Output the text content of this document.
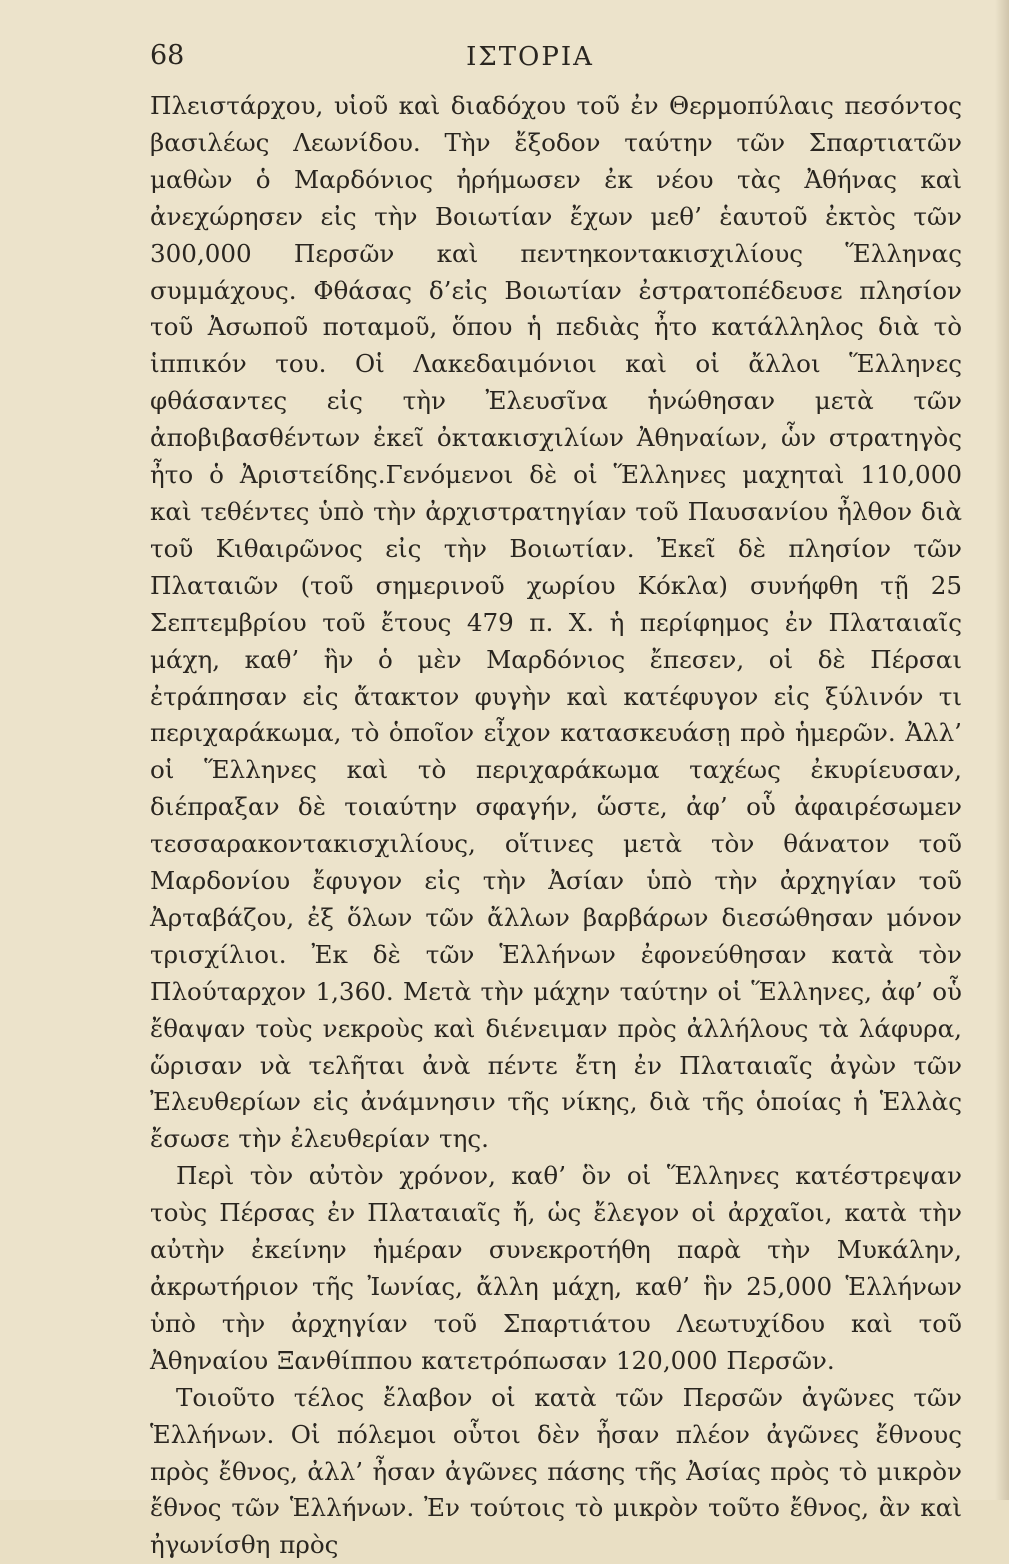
68	ΙΣΤΟΡΙΑ

Πλειστάρχου, υἱοῦ καὶ διαδόχου τοῦ ἐν Θερμοπύλαις πεσόντος βασιλέως Λεωνίδου. Τὴν ἔξοδον ταύτην τῶν Σπαρτιατῶν μαθὼν ὁ Μαρδόνιος ἠρήμωσεν ἐκ νέου τὰς Ἀθήνας καὶ ἀνεχώρησεν εἰς τὴν Βοιωτίαν ἔχων μεθ’ ἑαυτοῦ ἐκτὸς τῶν 300,000 Περσῶν καὶ πεντηκοντακισχιλίους Ἕλληνας συμμάχους. Φθάσας δ’εἰς Βοιωτίαν ἐστρατοπέδευσε πλησίον τοῦ Ἀσωποῦ ποταμοῦ, ὅπου ἡ πεδιὰς ἦτο κατάλληλος διὰ τὸ ἱππικόν του. Οἱ Λακεδαιμόνιοι καὶ οἱ ἄλλοι Ἕλληνες φθάσαντες εἰς τὴν Ἐλευσῖνα ἡνώθησαν μετὰ τῶν ἀποβιβασθέντων ἐκεῖ ὀκτακισχιλίων Ἀθηναίων, ὧν στρατηγὸς ἦτο ὁ Ἀριστείδης.Γενόμενοι δὲ οἱ Ἕλληνες μαχηταὶ 110,000 καὶ τεθέντες ὑπὸ τὴν ἀρχιστρατηγίαν τοῦ Παυσανίου ἦλθον διὰ τοῦ Κιθαιρῶνος εἰς τὴν Βοιωτίαν. Ἐκεῖ δὲ πλησίον τῶν Πλαταιῶν (τοῦ σημερινοῦ χωρίου Κόκλα) συνήφθη τῇ 25 Σεπτεμβρίου τοῦ ἔτους 479 π. Χ. ἡ περίφημος ἐν Πλαταιαῖς μάχη, καθ’ ἣν ὁ μὲν Μαρδόνιος ἔπεσεν, οἱ δὲ Πέρσαι ἐτράπησαν εἰς ἄτακτον φυγὴν καὶ κατέφυγον εἰς ξύλινόν τι περιχαράκωμα, τὸ ὁποῖον εἶχον κατασκευάσῃ πρὸ ἡμερῶν. Ἀλλ’ οἱ Ἕλληνες καὶ τὸ περιχαράκωμα ταχέως ἐκυρίευσαν, διέπραξαν δὲ τοιαύτην σφαγήν, ὥστε, ἀφ’ οὗ ἀφαιρέσωμεν τεσσαρακοντακισχιλίους, οἵτινες μετὰ τὸν θάνατον τοῦ Μαρδονίου ἔφυγον εἰς τὴν Ἀσίαν ὑπὸ τὴν ἀρχηγίαν τοῦ Ἀρταβάζου, ἐξ ὅλων τῶν ἄλλων βαρβάρων διεσώθησαν μόνον τρισχίλιοι. Ἐκ δὲ τῶν Ἑλλήνων ἐφονεύθησαν κατὰ τὸν Πλούταρχον 1,360. Μετὰ τὴν μάχην ταύτην οἱ Ἕλληνες, ἀφ’ οὗ ἔθαψαν τοὺς νεκροὺς καὶ διένειμαν πρὸς ἀλλήλους τὰ λάφυρα, ὥρισαν νὰ τελῆται ἀνὰ πέντε ἔτη ἐν Πλαταιαῖς ἀγὼν τῶν Ἐλευθερίων εἰς ἀνάμνησιν τῆς νίκης, διὰ τῆς ὁποίας ἡ Ἑλλὰς ἔσωσε τὴν ἐλευθερίαν της.

Περὶ τὸν αὐτὸν χρόνον, καθ’ ὃν οἱ Ἕλληνες κατέστρεψαν τοὺς Πέρσας ἐν Πλαταιαῖς ἤ, ὡς ἔλεγον οἱ ἀρχαῖοι, κατὰ τὴν αὐτὴν ἐκείνην ἡμέραν συνεκροτήθη παρὰ τὴν Μυκάλην, ἀκρωτήριον τῆς Ἰωνίας, ἄλλη μάχη, καθ’ ἣν 25,000 Ἑλλήνων ὑπὸ τὴν ἀρχηγίαν τοῦ Σπαρτιάτου Λεωτυχίδου καὶ τοῦ Ἀθηναίου Ξανθίππου κατετρόπωσαν 120,000 Περσῶν.

Τοιοῦτο τέλος ἔλαβον οἱ κατὰ τῶν Περσῶν ἀγῶνες τῶν Ἑλλήνων. Οἱ πόλεμοι οὗτοι δὲν ἦσαν πλέον ἀγῶνες ἔθνους πρὸς ἔθνος, ἀλλ’ ἦσαν ἀγῶνες πάσης τῆς Ἀσίας πρὸς τὸ μικρὸν ἔθνος τῶν Ἑλλήνων. Ἐν τούτοις τὸ μικρὸν τοῦτο ἔθνος, ἂν καὶ ἠγωνίσθη πρὸς
